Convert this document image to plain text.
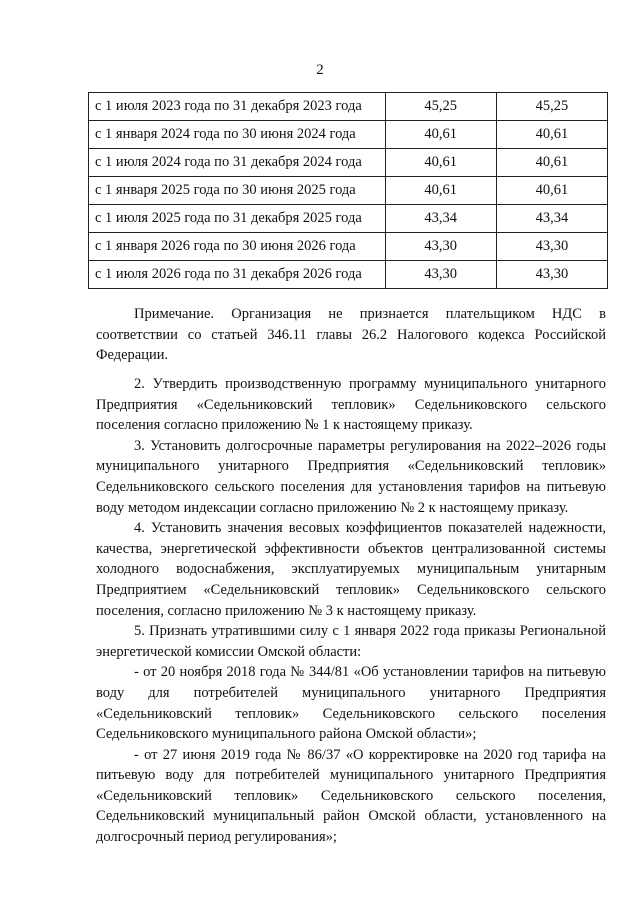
2
с 1 июля 2023 года по 31 декабря 2023 года	45,25	45,25
с 1 января 2024 года по 30 июня 2024 года	40,61	40,61
с 1 июля 2024 года по 31 декабря 2024 года	40,61	40,61
с 1 января 2025 года по 30 июня 2025 года	40,61	40,61
с 1 июля 2025 года по 31 декабря 2025 года	43,34	43,34
с 1 января 2026 года по 30 июня 2026 года	43,30	43,30
с 1 июля 2026 года по 31 декабря 2026 года	43,30	43,30

Примечание. Организация не признается плательщиком НДС в соответствии со статьей 346.11 главы 26.2 Налогового кодекса Российской Федерации.

2. Утвердить производственную программу муниципального унитарного Предприятия «Седельниковский тепловик» Седельниковского сельского поселения согласно приложению № 1 к настоящему приказу.

3. Установить долгосрочные параметры регулирования на 2022–2026 годы муниципального унитарного Предприятия «Седельниковский тепловик» Седельниковского сельского поселения для установления тарифов на питьевую воду методом индексации согласно приложению № 2 к настоящему приказу.

4. Установить значения весовых коэффициентов показателей надежности, качества, энергетической эффективности объектов централизованной системы холодного водоснабжения, эксплуатируемых муниципальным унитарным Предприятием «Седельниковский тепловик» Седельниковского сельского поселения, согласно приложению № 3 к настоящему приказу.

5. Признать утратившими силу с 1 января 2022 года приказы Региональной энергетической комиссии Омской области:

- от 20 ноября 2018 года № 344/81 «Об установлении тарифов на питьевую воду для потребителей муниципального унитарного Предприятия «Седельниковский тепловик» Седельниковского сельского поселения Седельниковского муниципального района Омской области»;

- от 27 июня 2019 года № 86/37 «О корректировке на 2020 год тарифа на питьевую воду для потребителей муниципального унитарного Предприятия «Седельниковский тепловик» Седельниковского сельского поселения, Седельниковский муниципальный район Омской области, установленного на долгосрочный период регулирования»;
